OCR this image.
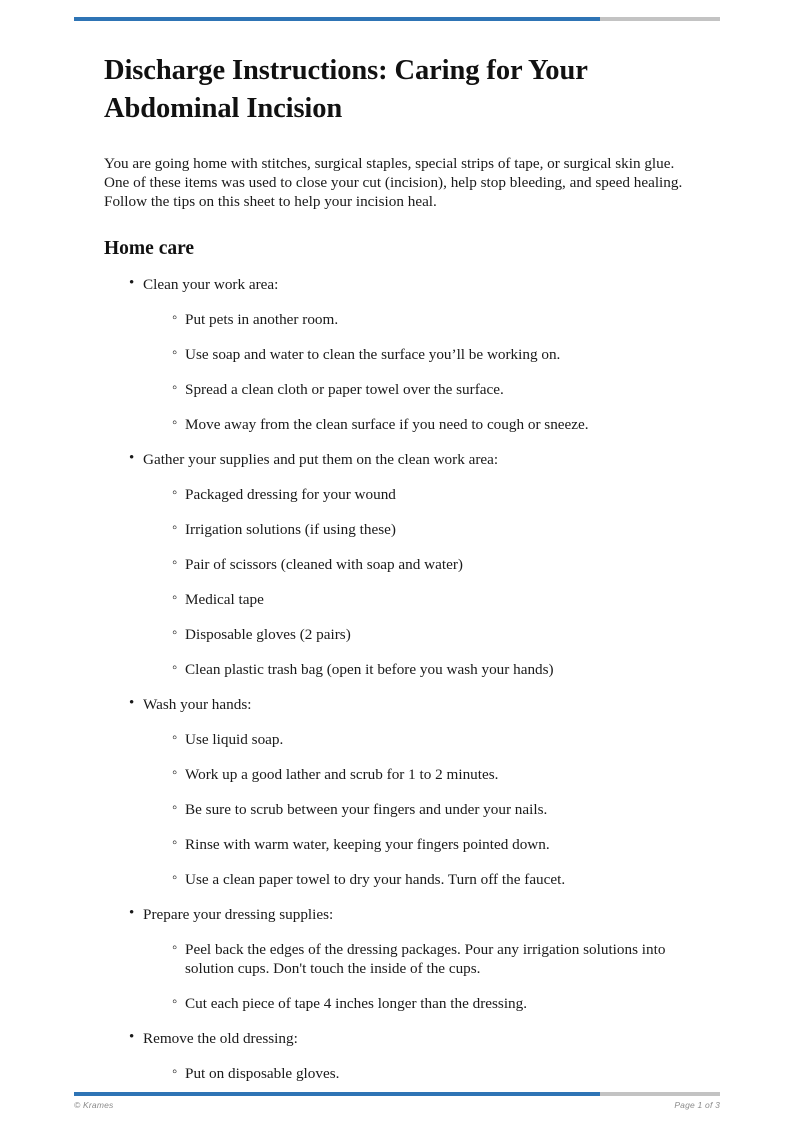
Discharge Instructions: Caring for Your Abdominal Incision

You are going home with stitches, surgical staples, special strips of tape, or surgical skin glue. One of these items was used to close your cut (incision), help stop bleeding, and speed healing. Follow the tips on this sheet to help your incision heal.

Home care
• Clean your work area:
◦ Put pets in another room.
◦ Use soap and water to clean the surface you’ll be working on.
◦ Spread a clean cloth or paper towel over the surface.
◦ Move away from the clean surface if you need to cough or sneeze.
• Gather your supplies and put them on the clean work area:
◦ Packaged dressing for your wound
◦ Irrigation solutions (if using these)
◦ Pair of scissors (cleaned with soap and water)
◦ Medical tape
◦ Disposable gloves (2 pairs)
◦ Clean plastic trash bag (open it before you wash your hands)
• Wash your hands:
◦ Use liquid soap.
◦ Work up a good lather and scrub for 1 to 2 minutes.
◦ Be sure to scrub between your fingers and under your nails.
◦ Rinse with warm water, keeping your fingers pointed down.
◦ Use a clean paper towel to dry your hands. Turn off the faucet.
• Prepare your dressing supplies:
◦ Peel back the edges of the dressing packages. Pour any irrigation solutions into solution cups. Don't touch the inside of the cups.
◦ Cut each piece of tape 4 inches longer than the dressing.
• Remove the old dressing:
◦ Put on disposable gloves.
© Krames	Page 1 of 3
